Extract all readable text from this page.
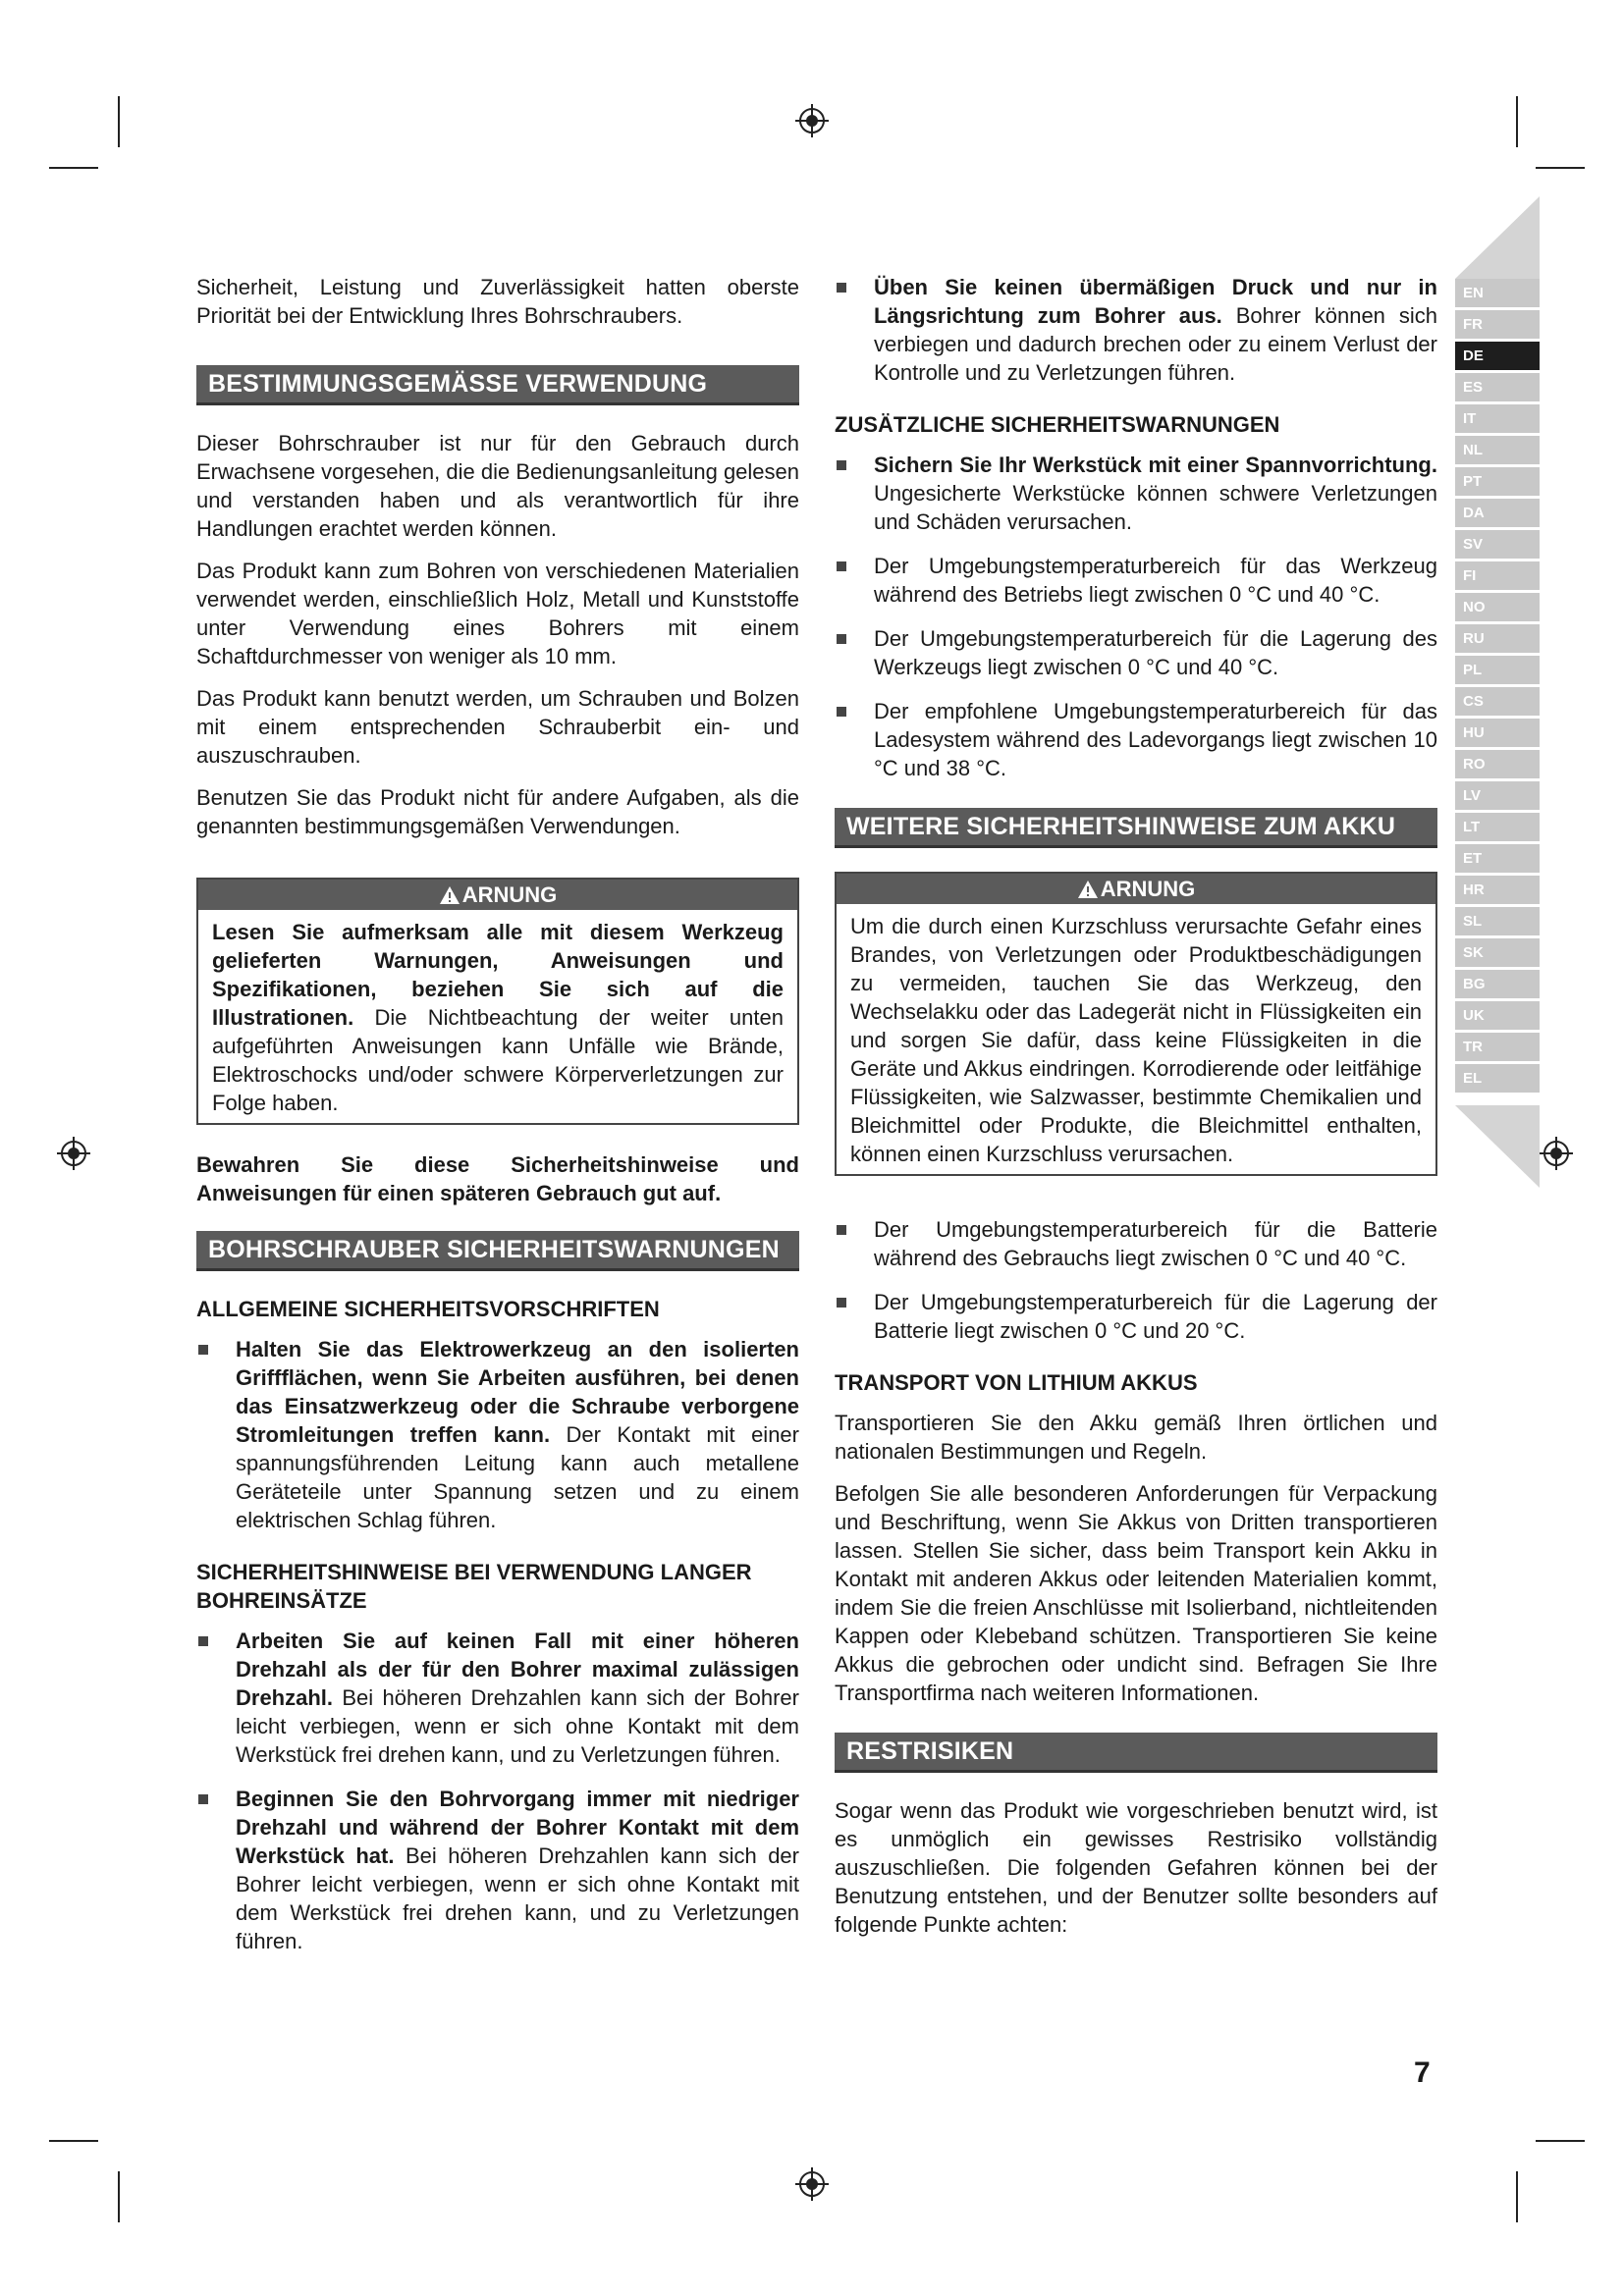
EN
FR
DE
ES
IT
NL
PT
DA
SV
FI
NO
RU
PL
CS
HU
RO
LV
LT
ET
HR
SL
SK
BG
UK
TR
EL

Sicherheit, Leistung und Zuverlässigkeit hatten oberste Priorität bei der Entwicklung Ihres Bohrschraubers.

BESTIMMUNGSGEMÄSSE VERWENDUNG

Dieser Bohrschrauber ist nur für den Gebrauch durch Erwachsene vorgesehen, die die Bedienungsanleitung gelesen und verstanden haben und als verantwortlich für ihre Handlungen erachtet werden können.

Das Produkt kann zum Bohren von verschiedenen Materialien verwendet werden, einschließlich Holz, Metall und Kunststoffe unter Verwendung eines Bohrers mit einem Schaftdurchmesser von weniger als 10 mm.

Das Produkt kann benutzt werden, um Schrauben und Bolzen mit einem entsprechenden Schrauberbit ein- und auszuschrauben.

Benutzen Sie das Produkt nicht für andere Aufgaben, als die genannten bestimmungsgemäßen Verwendungen.

ARNUNG

Lesen Sie aufmerksam alle mit diesem Werkzeug gelieferten Warnungen, Anweisungen und Spezifikationen, beziehen Sie sich auf die Illustrationen. Die Nichtbeachtung der weiter unten aufgeführten Anweisungen kann Unfälle wie Brände, Elektroschocks und/oder schwere Körperverletzungen zur Folge haben.

Bewahren Sie diese Sicherheitshinweise und Anweisungen für einen späteren Gebrauch gut auf.

BOHRSCHRAUBER SICHERHEITSWARNUNGEN
ALLGEMEINE SICHERHEITSVORSCHRIFTEN
Halten Sie das Elektrowerkzeug an den isolierten Griffflächen, wenn Sie Arbeiten ausführen, bei denen das Einsatzwerkzeug oder die Schraube verborgene Stromleitungen treffen kann. Der Kontakt mit einer spannungsführenden Leitung kann auch metallene Geräteteile unter Spannung setzen und zu einem elektrischen Schlag führen.
SICHERHEITSHINWEISE BEI VERWENDUNG LANGER BOHREINSÄTZE
Arbeiten Sie auf keinen Fall mit einer höheren Drehzahl als der für den Bohrer maximal zulässigen Drehzahl. Bei höheren Drehzahlen kann sich der Bohrer leicht verbiegen, wenn er sich ohne Kontakt mit dem Werkstück frei drehen kann, und zu Verletzungen führen.
Beginnen Sie den Bohrvorgang immer mit niedriger Drehzahl und während der Bohrer Kontakt mit dem Werkstück hat. Bei höheren Drehzahlen kann sich der Bohrer leicht verbiegen, wenn er sich ohne Kontakt mit dem Werkstück frei drehen kann, und zu Verletzungen führen.
Üben Sie keinen übermäßigen Druck und nur in Längsrichtung zum Bohrer aus. Bohrer können sich verbiegen und dadurch brechen oder zu einem Verlust der Kontrolle und zu Verletzungen führen.
ZUSÄTZLICHE SICHERHEITSWARNUNGEN
Sichern Sie Ihr Werkstück mit einer Spannvorrichtung. Ungesicherte Werkstücke können schwere Verletzungen und Schäden verursachen.
Der Umgebungstemperaturbereich für das Werkzeug während des Betriebs liegt zwischen 0 °C und 40 °C.
Der Umgebungstemperaturbereich für die Lagerung des Werkzeugs liegt zwischen 0 °C und 40 °C.
Der empfohlene Umgebungstemperaturbereich für das Ladesystem während des Ladevorgangs liegt zwischen 10 °C und 38 °C.
WEITERE SICHERHEITSHINWEISE ZUM AKKU
ARNUNG

Um die durch einen Kurzschluss verursachte Gefahr eines Brandes, von Verletzungen oder Produktbeschädigungen zu vermeiden, tauchen Sie das Werkzeug, den Wechselakku oder das Ladegerät nicht in Flüssigkeiten ein und sorgen Sie dafür, dass keine Flüssigkeiten in die Geräte und Akkus eindringen. Korrodierende oder leitfähige Flüssigkeiten, wie Salzwasser, bestimmte Chemikalien und Bleichmittel oder Produkte, die Bleichmittel enthalten, können einen Kurzschluss verursachen.

Der Umgebungstemperaturbereich für die Batterie während des Gebrauchs liegt zwischen 0 °C und 40 °C.
Der Umgebungstemperaturbereich für die Lagerung der Batterie liegt zwischen 0 °C und 20 °C.
TRANSPORT VON LITHIUM AKKUS

Transportieren Sie den Akku gemäß Ihren örtlichen und nationalen Bestimmungen und Regeln.

Befolgen Sie alle besonderen Anforderungen für Verpackung und Beschriftung, wenn Sie Akkus von Dritten transportieren lassen. Stellen Sie sicher, dass beim Transport kein Akku in Kontakt mit anderen Akkus oder leitenden Materialien kommt, indem Sie die freien Anschlüsse mit Isolierband, nichtleitenden Kappen oder Klebeband schützen. Transportieren Sie keine Akkus die gebrochen oder undicht sind. Befragen Sie Ihre Transportfirma nach weiteren Informationen.

RESTRISIKEN

Sogar wenn das Produkt wie vorgeschrieben benutzt wird, ist es unmöglich ein gewisses Restrisiko vollständig auszuschließen. Die folgenden Gefahren können bei der Benutzung entstehen, und der Benutzer sollte besonders auf folgende Punkte achten:

7
